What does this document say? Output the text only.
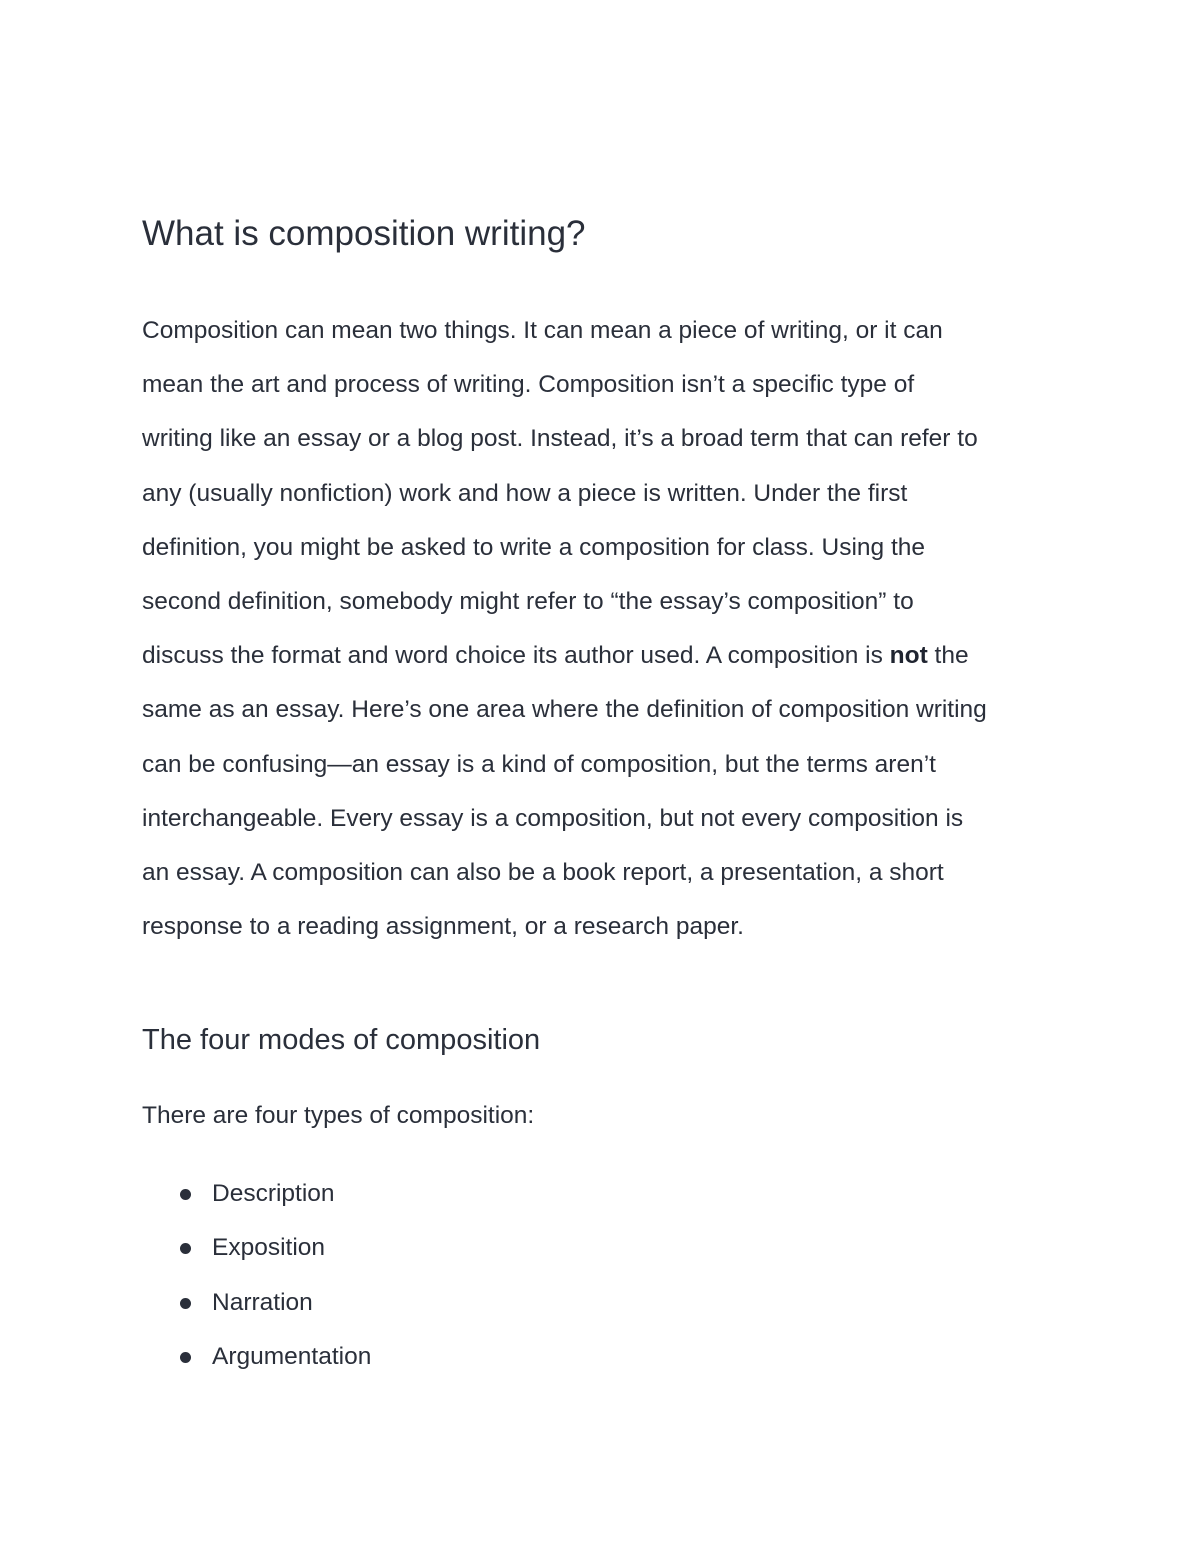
What is composition writing?

Composition can mean two things. It can mean a piece of writing, or it can
mean the art and process of writing. Composition isn’t a specific type of
writing like an essay or a blog post. Instead, it’s a broad term that can refer to
any (usually nonfiction) work and how a piece is written. Under the first
definition, you might be asked to write a composition for class. Using the
second definition, somebody might refer to “the essay’s composition” to
discuss the format and word choice its author used. A composition is not the
same as an essay. Here’s one area where the definition of composition writing
can be confusing—an essay is a kind of composition, but the terms aren’t
interchangeable. Every essay is a composition, but not every composition is
an essay. A composition can also be a book report, a presentation, a short
response to a reading assignment, or a research paper.

The four modes of composition

There are four types of composition:

Description
Exposition
Narration
Argumentation
